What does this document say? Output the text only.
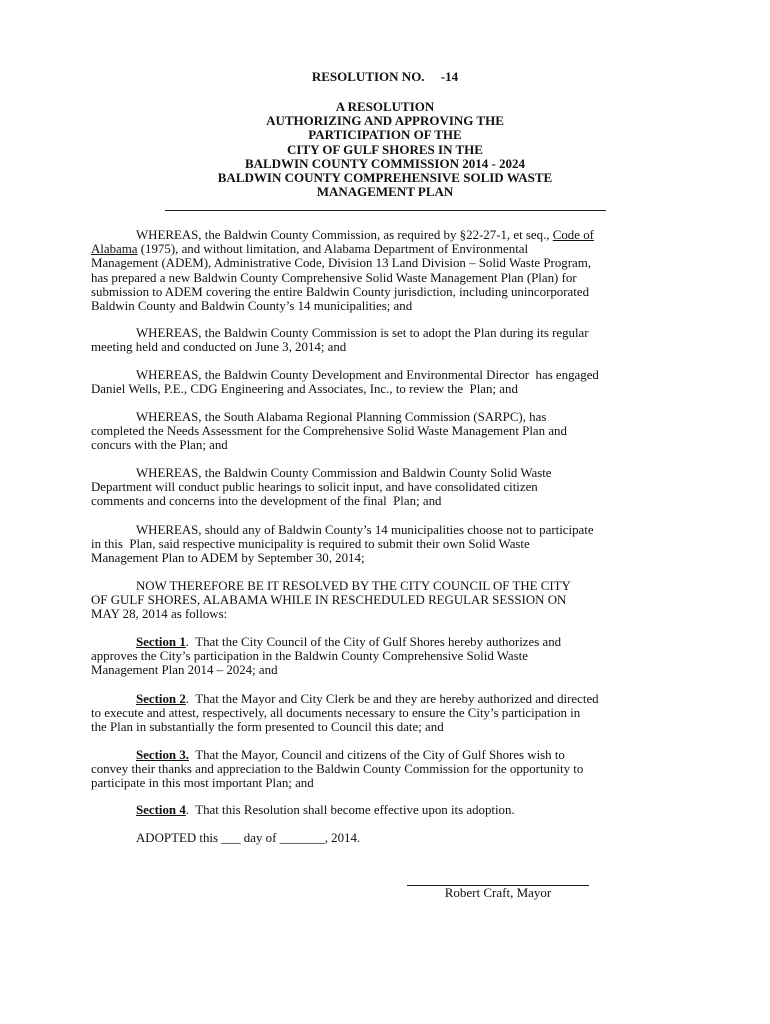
RESOLUTION NO.     -14
A RESOLUTION
AUTHORIZING AND APPROVING THE
PARTICIPATION OF THE
CITY OF GULF SHORES IN THE
BALDWIN COUNTY COMMISSION 2014 - 2024
BALDWIN COUNTY COMPREHENSIVE SOLID WASTE
MANAGEMENT PLAN
WHEREAS, the Baldwin County Commission, as required by §22-27-1, et seq., Code of
Alabama (1975), and without limitation, and Alabama Department of Environmental
Management (ADEM), Administrative Code, Division 13 Land Division – Solid Waste Program,
has prepared a new Baldwin County Comprehensive Solid Waste Management Plan (Plan) for
submission to ADEM covering the entire Baldwin County jurisdiction, including unincorporated
Baldwin County and Baldwin County’s 14 municipalities; and
WHEREAS, the Baldwin County Commission is set to adopt the Plan during its regular
meeting held and conducted on June 3, 2014; and
WHEREAS, the Baldwin County Development and Environmental Director  has engaged
Daniel Wells, P.E., CDG Engineering and Associates, Inc., to review the  Plan; and
WHEREAS, the South Alabama Regional Planning Commission (SARPC), has
completed the Needs Assessment for the Comprehensive Solid Waste Management Plan and
concurs with the Plan; and
WHEREAS, the Baldwin County Commission and Baldwin County Solid Waste
Department will conduct public hearings to solicit input, and have consolidated citizen
comments and concerns into the development of the final  Plan; and
WHEREAS, should any of Baldwin County’s 14 municipalities choose not to participate
in this  Plan, said respective municipality is required to submit their own Solid Waste
Management Plan to ADEM by September 30, 2014;
NOW THEREFORE BE IT RESOLVED BY THE CITY COUNCIL OF THE CITY
OF GULF SHORES, ALABAMA WHILE IN RESCHEDULED REGULAR SESSION ON
MAY 28, 2014 as follows:
Section 1.  That the City Council of the City of Gulf Shores hereby authorizes and
approves the City’s participation in the Baldwin County Comprehensive Solid Waste
Management Plan 2014 – 2024; and
Section 2.  That the Mayor and City Clerk be and they are hereby authorized and directed
to execute and attest, respectively, all documents necessary to ensure the City’s participation in
the Plan in substantially the form presented to Council this date; and
Section 3.  That the Mayor, Council and citizens of the City of Gulf Shores wish to
convey their thanks and appreciation to the Baldwin County Commission for the opportunity to
participate in this most important Plan; and
Section 4.  That this Resolution shall become effective upon its adoption.
ADOPTED this ___ day of _______, 2014.
Robert Craft, Mayor
